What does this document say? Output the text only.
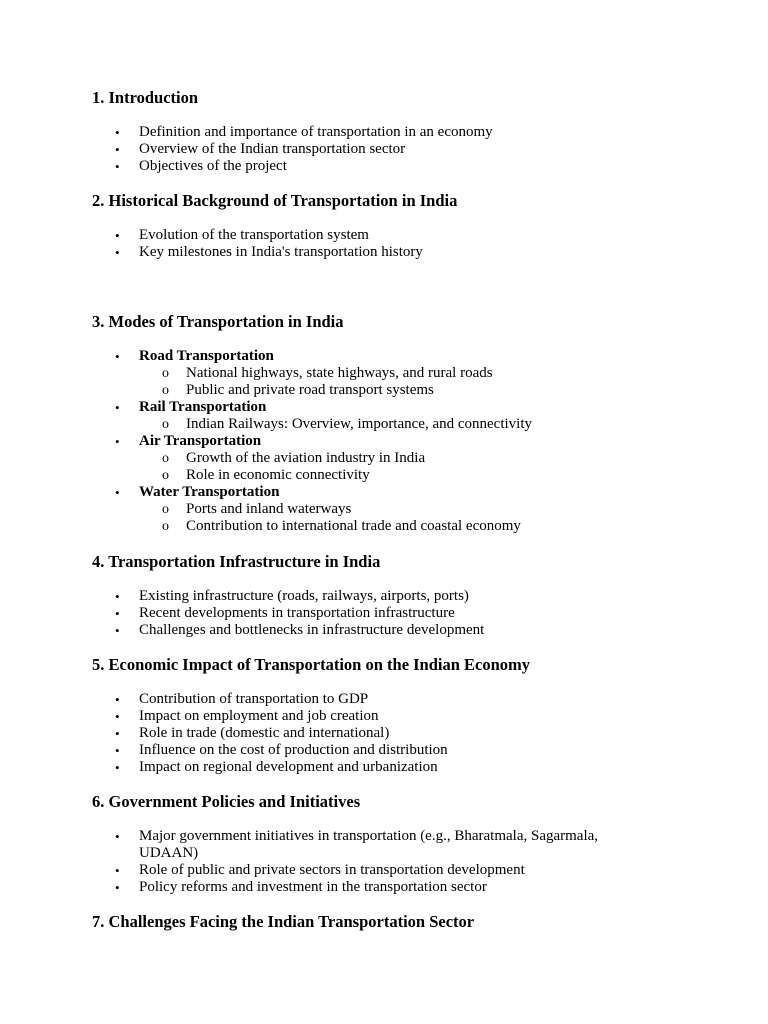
1. Introduction
• Definition and importance of transportation in an economy
• Overview of the Indian transportation sector
• Objectives of the project
2. Historical Background of Transportation in India
• Evolution of the transportation system
• Key milestones in India's transportation history
3. Modes of Transportation in India
• Road Transportation
o National highways, state highways, and rural roads
o Public and private road transport systems
• Rail Transportation
o Indian Railways: Overview, importance, and connectivity
• Air Transportation
o Growth of the aviation industry in India
o Role in economic connectivity
• Water Transportation
o Ports and inland waterways
o Contribution to international trade and coastal economy
4. Transportation Infrastructure in India
• Existing infrastructure (roads, railways, airports, ports)
• Recent developments in transportation infrastructure
• Challenges and bottlenecks in infrastructure development
5. Economic Impact of Transportation on the Indian Economy
• Contribution of transportation to GDP
• Impact on employment and job creation
• Role in trade (domestic and international)
• Influence on the cost of production and distribution
• Impact on regional development and urbanization
6. Government Policies and Initiatives
• Major government initiatives in transportation (e.g., Bharatmala, Sagarmala, UDAAN)
• Role of public and private sectors in transportation development
• Policy reforms and investment in the transportation sector
7. Challenges Facing the Indian Transportation Sector
